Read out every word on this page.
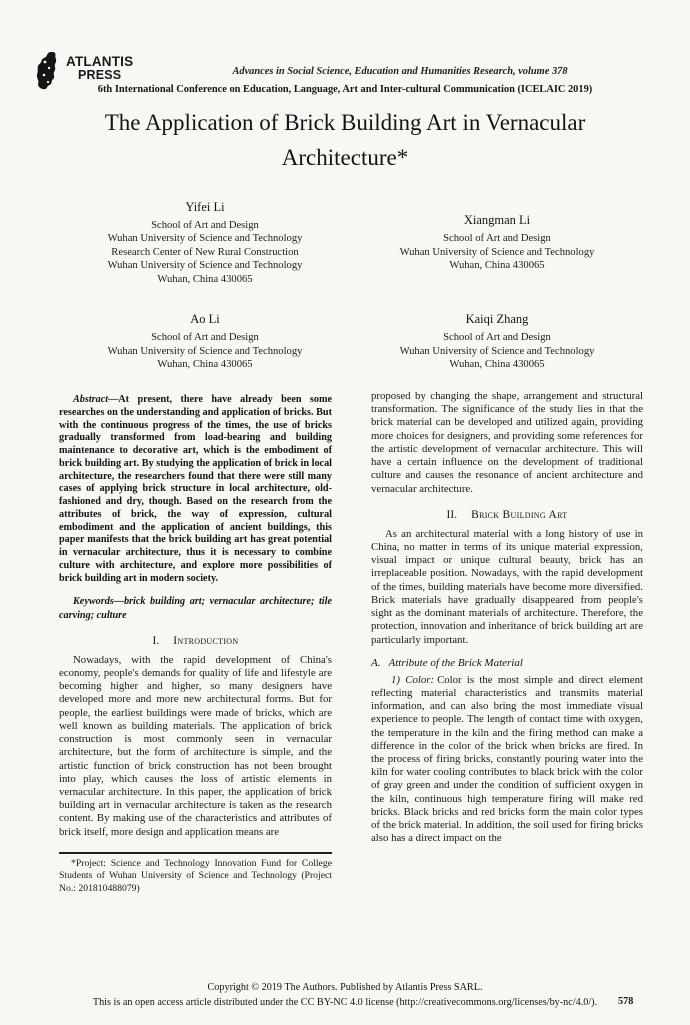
ATLANTIS
PRESS	Advances in Social Science, Education and Humanities Research, volume 378
6th International Conference on Education, Language, Art and Inter-cultural Communication (ICELAIC 2019)
The Application of Brick Building Art in Vernacular Architecture*
Yifei Li
School of Art and Design
Wuhan University of Science and Technology
Research Center of New Rural Construction
Wuhan University of Science and Technology
Wuhan, China 430065
Xiangman Li
School of Art and Design
Wuhan University of Science and Technology
Wuhan, China 430065
Ao Li
School of Art and Design
Wuhan University of Science and Technology
Wuhan, China 430065
Kaiqi Zhang
School of Art and Design
Wuhan University of Science and Technology
Wuhan, China 430065

Abstract—At present, there have already been some researches on the understanding and application of bricks. But with the continuous progress of the times, the use of bricks gradually transformed from load-bearing and building maintenance to decorative art, which is the embodiment of brick building art. By studying the application of brick in local architecture, the researchers found that there were still many cases of applying brick structure in local architecture, old-fashioned and dry, though. Based on the research from the attributes of brick, the way of expression, cultural embodiment and the application of ancient buildings, this paper manifests that the brick building art has great potential in vernacular architecture, thus it is necessary to combine culture with architecture, and explore more possibilities of brick building art in modern society.

Keywords—brick building art; vernacular architecture; tile carving; culture

I. Introduction

Nowadays, with the rapid development of China's economy, people's demands for quality of life and lifestyle are becoming higher and higher, so many designers have developed more and more new architectural forms. But for people, the earliest buildings were made of bricks, which are well known as building materials. The application of brick construction is most commonly seen in vernacular architecture, but the form of architecture is simple, and the artistic function of brick construction has not been brought into play, which causes the loss of artistic elements in vernacular architecture. In this paper, the application of brick building art in vernacular architecture is taken as the research content. By making use of the characteristics and attributes of brick itself, more design and application means are

*Project: Science and Technology Innovation Fund for College Students of Wuhan University of Science and Technology (Project No.: 201810488079)

proposed by changing the shape, arrangement and structural transformation. The significance of the study lies in that the brick material can be developed and utilized again, providing more choices for designers, and providing some references for the artistic development of vernacular architecture. This will have a certain influence on the development of traditional culture and causes the resonance of ancient architecture and vernacular architecture.

II. Brick Building Art

As an architectural material with a long history of use in China, no matter in terms of its unique material expression, visual impact or unique cultural beauty, brick has an irreplaceable position. Nowadays, with the rapid development of the times, building materials have become more diversified. Brick materials have gradually disappeared from people's sight as the dominant materials of architecture. Therefore, the protection, innovation and inheritance of brick building art are particularly important.

A. Attribute of the Brick Material

1) Color: Color is the most simple and direct element reflecting material characteristics and transmits material information, and can also bring the most immediate visual experience to people. The length of contact time with oxygen, the temperature in the kiln and the firing method can make a difference in the color of the brick when bricks are fired. In the process of firing bricks, constantly pouring water into the kiln for water cooling contributes to black brick with the color of gray green and under the condition of sufficient oxygen in the kiln, continuous high temperature firing will make red bricks. Black bricks and red bricks form the main color types of the brick material. In addition, the soil used for firing bricks also has a direct impact on the

Copyright © 2019 The Authors. Published by Atlantis Press SARL.
This is an open access article distributed under the CC BY-NC 4.0 license (http://creativecommons.org/licenses/by-nc/4.0/).	578
